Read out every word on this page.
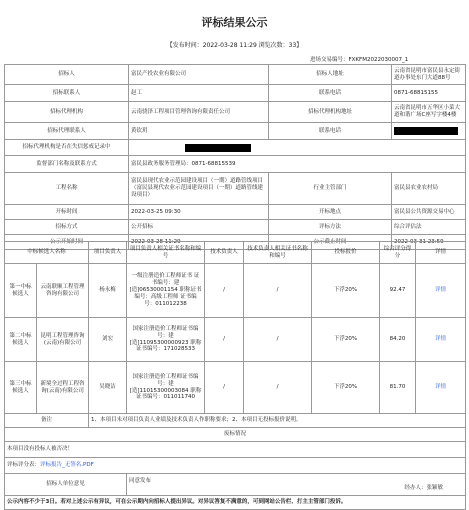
评标结果公示
【发布时间：2022-03-28 11:29 浏览次数：33】
进场交易编号：FXKFM2022030007_1
招标人	富民产投农业有限公司	招标人地址	云南省昆明市富民县永定街道办事处东门大道88号
招标联系人	赵工	联系电话	0871-68815155
招标代理机构	云南骁泽工程项目管理咨询有限责任公司	招标代理机构地址	云南省昆明市五华区小菜大道和谐广场C座写字楼4楼
招标代理联系人	黄钦玥	联系电话	

招标代理机构是否在失信惩戒记录中			

监督部门名称及联系方式	富民县政务服务管理局：0871-68815539		
工程名称	富民县现代农业示范园建设项目（一期）道路管线项目（富民县现代农业示范园建设项目（一期）道路管线建设项目）	行业主管部门	富民县农业农村局
开标时间	2022-03-25 09:30	开标地点	富民县公共资源交易中心
招标方式	公开招标	评标方法	综合评估法
公示开始时间	2022-03-28 11:29	公示截止时间	2022-03-31 23:59
中标候选人名称		项目负责人	项目负责人相关证书名称和编号	技术负责人	技术负责人相关证书名称和编号	投标报价	综合评分得分	详情
第一中标候选人	云南联顺工程管理咨询有限公司	杨永梅	一级注册造价工程师证书 证书编号：建[造]06530001154 职称证书编号：高级工程师 证书编号：011012238	/	/	下浮20%	92.47	详情
第二中标候选人	昆明工程管理咨询(云南)有限公司	刘宏	国家注册造价工程师证书编号：建[造]11095300000923 职称证书编号：171028533	/	/	下浮20%	84.20	详情
第三中标候选人	新境全过程工程咨询(云南)有限公司	吴晓洁	国家注册造价工程师证书编号：建[造]11015300003084 职称证书编号：011011740	/	/	下浮20%	81.70	详情
备注		1、本项目未对项目负责人业绩及技术负责人作职称要求；2、本项目无投标报价说明。						
废标情况								
本项目没有投标人被否决！								
评标评分表：评标报告_无签名.PDF								
招标人单位意见			同意发布
经办人：张颖敏					

公示内容不少于3日。若对上述公示有异议，可在公示期内向招标人提出异议。对异议答复不满意的，可到网站公告栏、打主主管部门投诉。								
